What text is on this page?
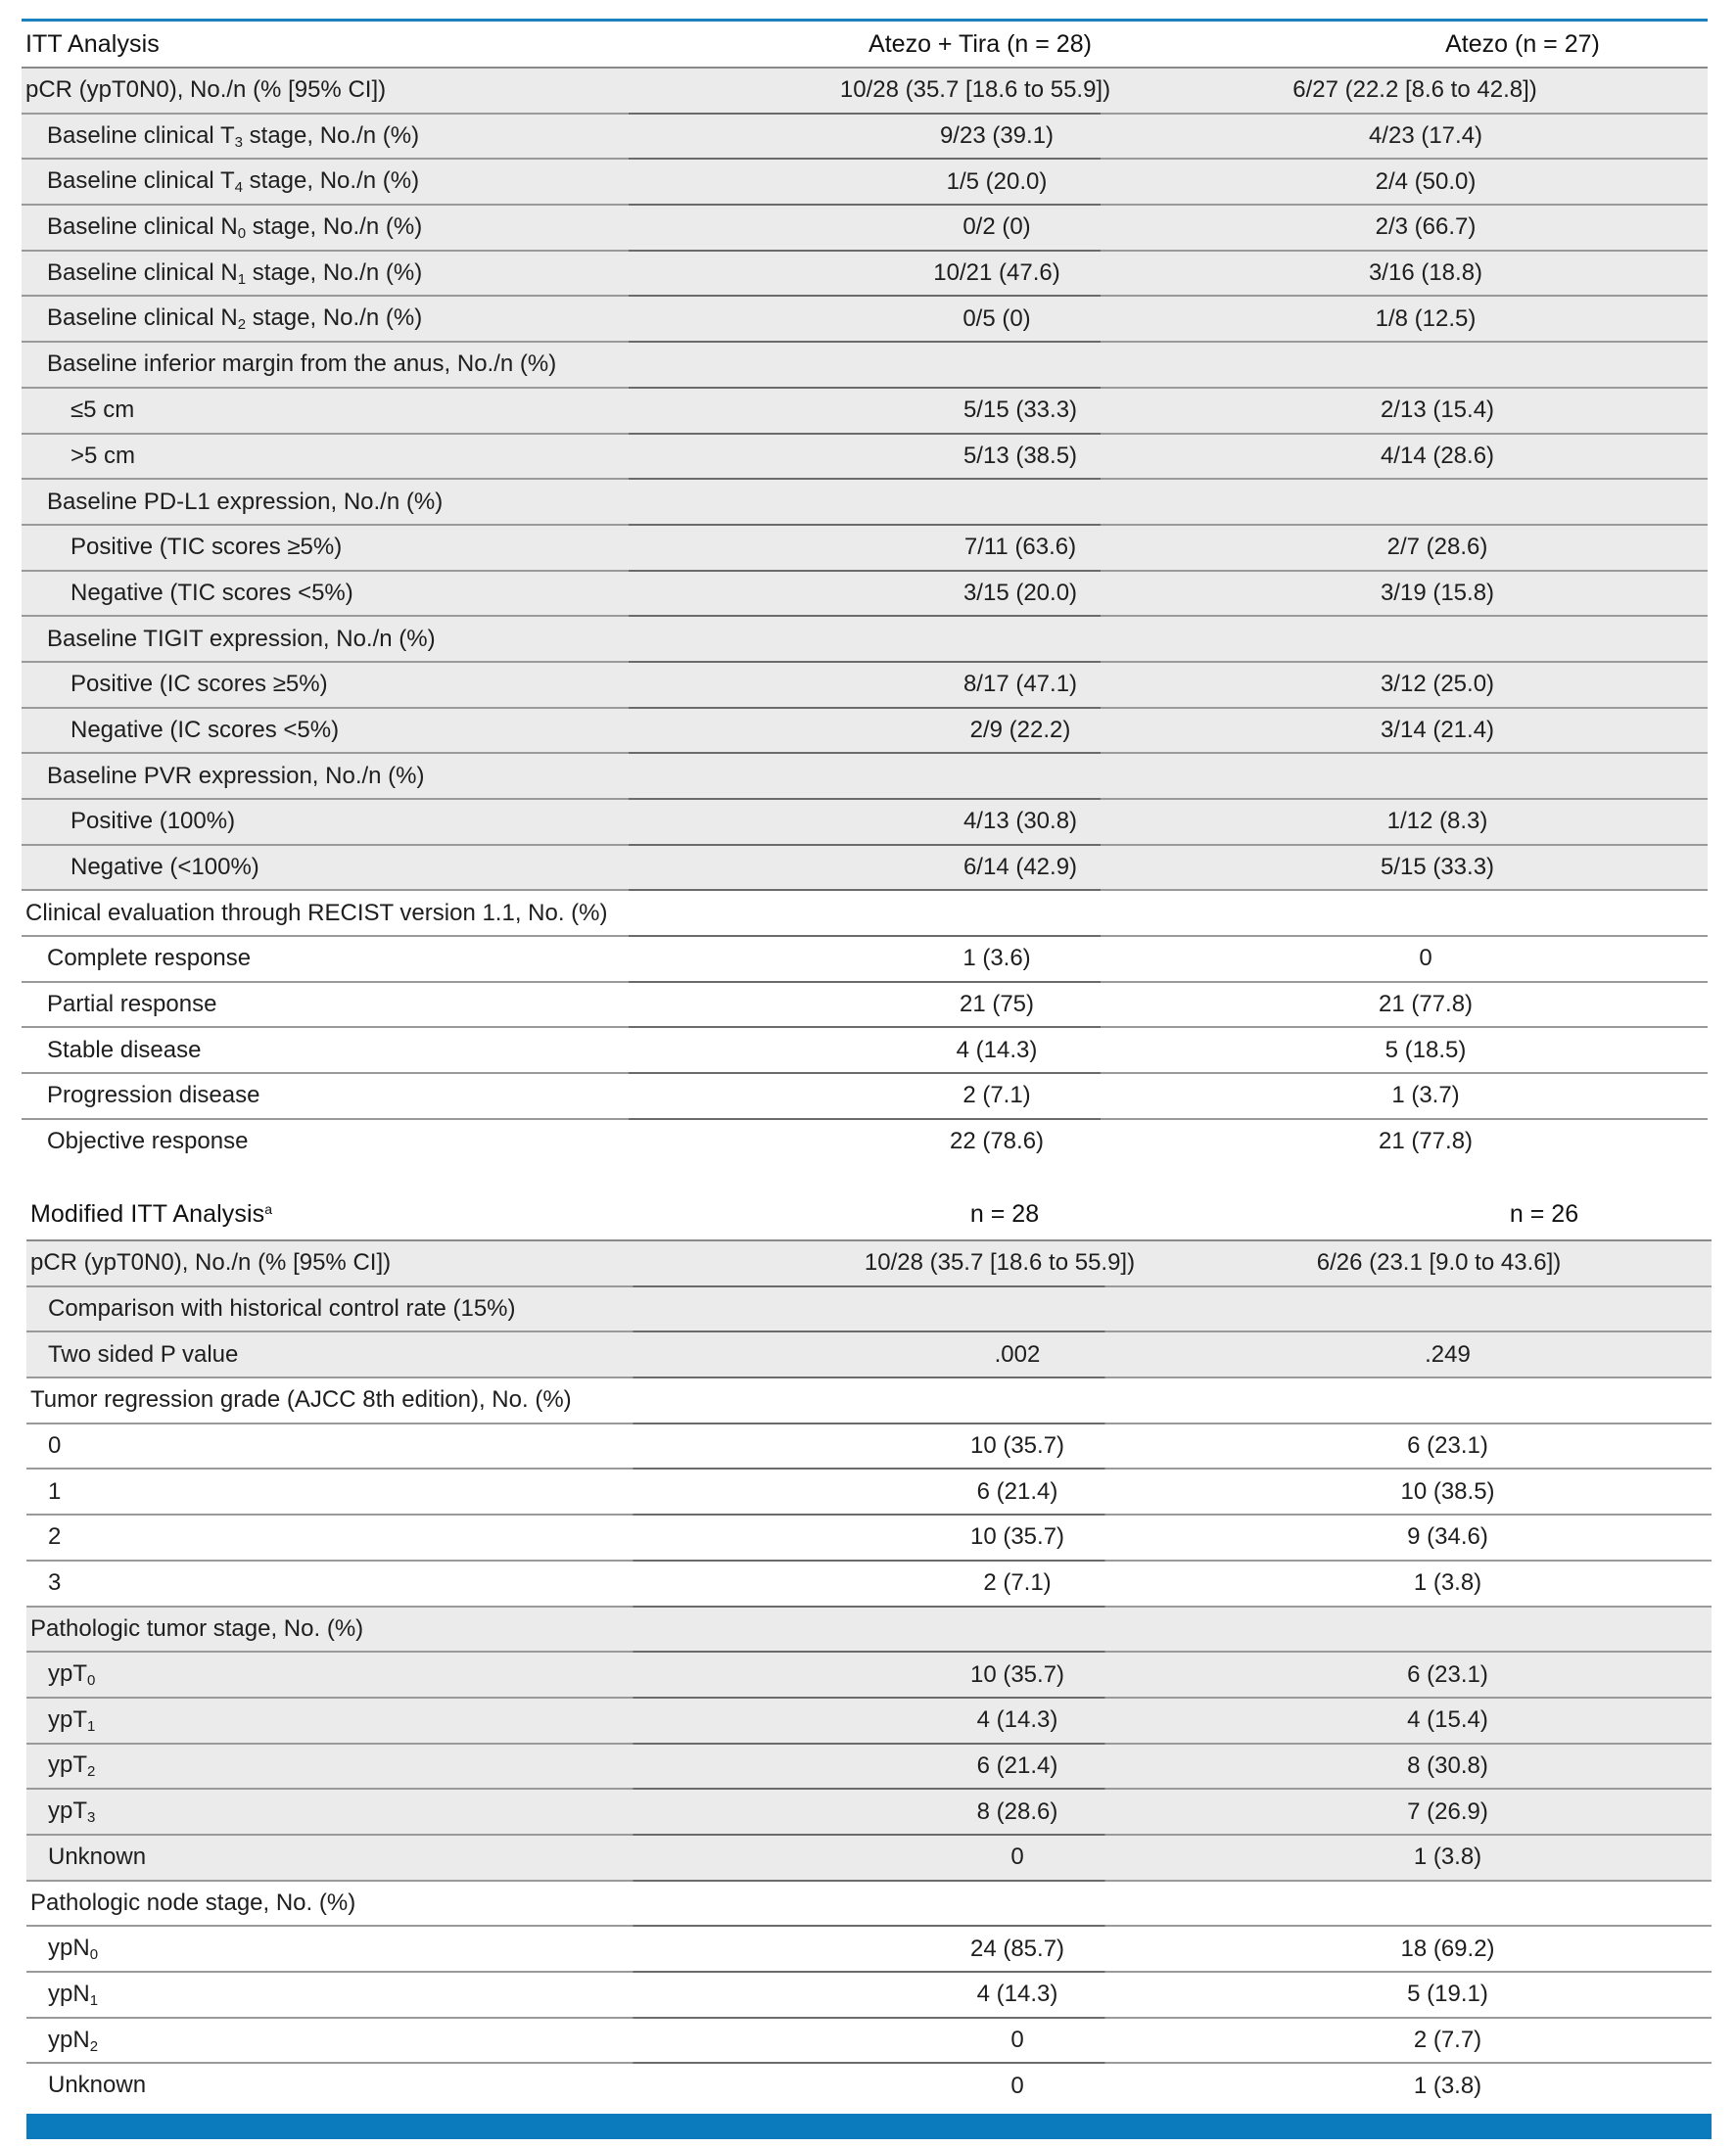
ITT Analysis	Atezo + Tira (n = 28)	Atezo (n = 27)
pCR (ypT0N0), No./n (% [95% CI])	10/28 (35.7 [18.6 to 55.9])	6/27 (22.2 [8.6 to 42.8])
Baseline clinical $T_3$ stage, No./n (%)	9/23 (39.1)	4/23 (17.4)
Baseline clinical $T_4$ stage, No./n (%)	1/5 (20.0)	2/4 (50.0)
Baseline clinical $N_0$ stage, No./n (%)	0/2 (0)	2/3 (66.7)
Baseline clinical $N_1$ stage, No./n (%)	10/21 (47.6)	3/16 (18.8)
Baseline clinical $N_2$ stage, No./n (%)	0/5 (0)	1/8 (12.5)
Baseline inferior margin from the anus, No./n (%)
≤5 cm	5/15 (33.3)	2/13 (15.4)
>5 cm	5/13 (38.5)	4/14 (28.6)
Baseline PD-L1 expression, No./n (%)
Positive (TIC scores ≥5%)	7/11 (63.6)	2/7 (28.6)
Negative (TIC scores <5%)	3/15 (20.0)	3/19 (15.8)
Baseline TIGIT expression, No./n (%)
Positive (IC scores ≥5%)	8/17 (47.1)	3/12 (25.0)
Negative (IC scores <5%)	2/9 (22.2)	3/14 (21.4)
Baseline PVR expression, No./n (%)
Positive (100%)	4/13 (30.8)	1/12 (8.3)
Negative (<100%)	6/14 (42.9)	5/15 (33.3)
Clinical evaluation through RECIST version 1.1, No. (%)
Complete response	1 (3.6)	0
Partial response	21 (75)	21 (77.8)
Stable disease	4 (14.3)	5 (18.5)
Progression disease	2 (7.1)	1 (3.7)
Objective response	22 (78.6)	21 (77.8)
Modified ITT Analysis$^a$	n = 28	n = 26
pCR (ypT0N0), No./n (% [95% CI])	10/28 (35.7 [18.6 to 55.9])	6/26 (23.1 [9.0 to 43.6])
Comparison with historical control rate (15%)
Two sided P value	.002	.249
Tumor regression grade (AJCC 8th edition), No. (%)
0	10 (35.7)	6 (23.1)
1	6 (21.4)	10 (38.5)
2	10 (35.7)	9 (34.6)
3	2 (7.1)	1 (3.8)
Pathologic tumor stage, No. (%)
ypT$_0$	10 (35.7)	6 (23.1)
ypT$_1$	4 (14.3)	4 (15.4)
ypT$_2$	6 (21.4)	8 (30.8)
ypT$_3$	8 (28.6)	7 (26.9)
Unknown	0	1 (3.8)
Pathologic node stage, No. (%)
ypN$_0$	24 (85.7)	18 (69.2)
ypN$_1$	4 (14.3)	5 (19.1)
ypN$_2$	0	2 (7.7)
Unknown	0	1 (3.8)
